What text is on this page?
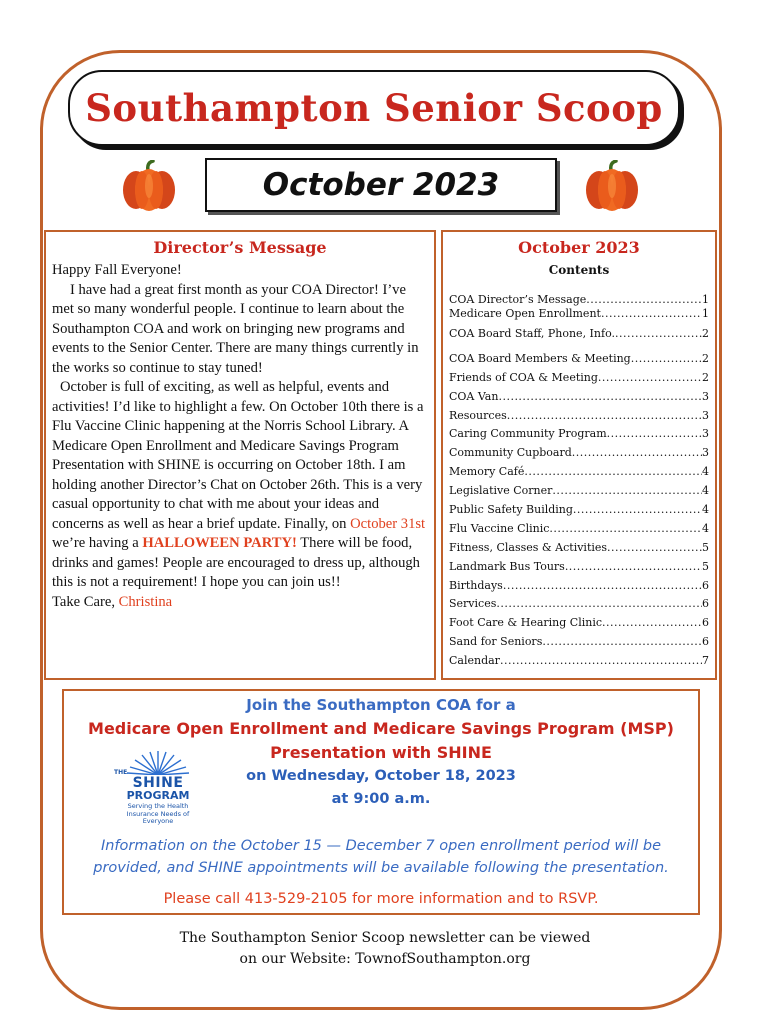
Southampton Senior Scoop
October 2023
Director’s Message

Happy Fall Everyone!

I have had a great first month as your COA Director! I’ve met so many wonderful people. I continue to learn about the Southampton COA and work on bringing new programs and events to the Senior Center. There are many things currently in the works so continue to stay tuned!

October is full of exciting, as well as helpful, events and activities! I’d like to highlight a few. On October 10th there is a Flu Vaccine Clinic happening at the Norris School Library. A Medicare Open Enrollment and Medicare Savings Program Presentation with SHINE is occurring on October 18th. I am holding another Director’s Chat on October 26th. This is a very casual opportunity to chat with me about your ideas and concerns as well as hear a brief update. Finally, on October 31st we’re having a HALLOWEEN PARTY! There will be food, drinks and games! People are encouraged to dress up, although this is not a requirement! I hope you can join us!!

Take Care, Christina

October 2023
Contents
COA Director’s Message .....	1
Medicare Open Enrollment .....	1
COA Board Staff, Phone, Info. .....	2
COA Board Members & Meeting .....	2
Friends of COA & Meeting .....	2
COA Van .....	3
Resources .....	3
Caring Community Program .....	3
Community Cupboard .....	3
Memory Café .....	4
Legislative Corner .....	4
Public Safety Building .....	4
Flu Vaccine Clinic .....	4
Fitness, Classes & Activities .....	5
Landmark Bus Tours .....	5
Birthdays .....	6
Services .....	6
Foot Care & Hearing Clinic .....	6
Sand for Seniors .....	6
Calendar .....	7
Join the Southampton COA for a
Medicare Open Enrollment and Medicare Savings Program (MSP)
Presentation with SHINE
on Wednesday, October 18, 2023
at 9:00 a.m.
THE
SHINE
PROGRAM
Serving the Health Insurance Needs of Everyone
Information on the October 15 — December 7 open enrollment period will be provided, and SHINE appointments will be available following the presentation.
Please call 413-529-2105 for more information and to RSVP.
The Southampton Senior Scoop newsletter can be viewed
on our Website: TownofSouthampton.org
